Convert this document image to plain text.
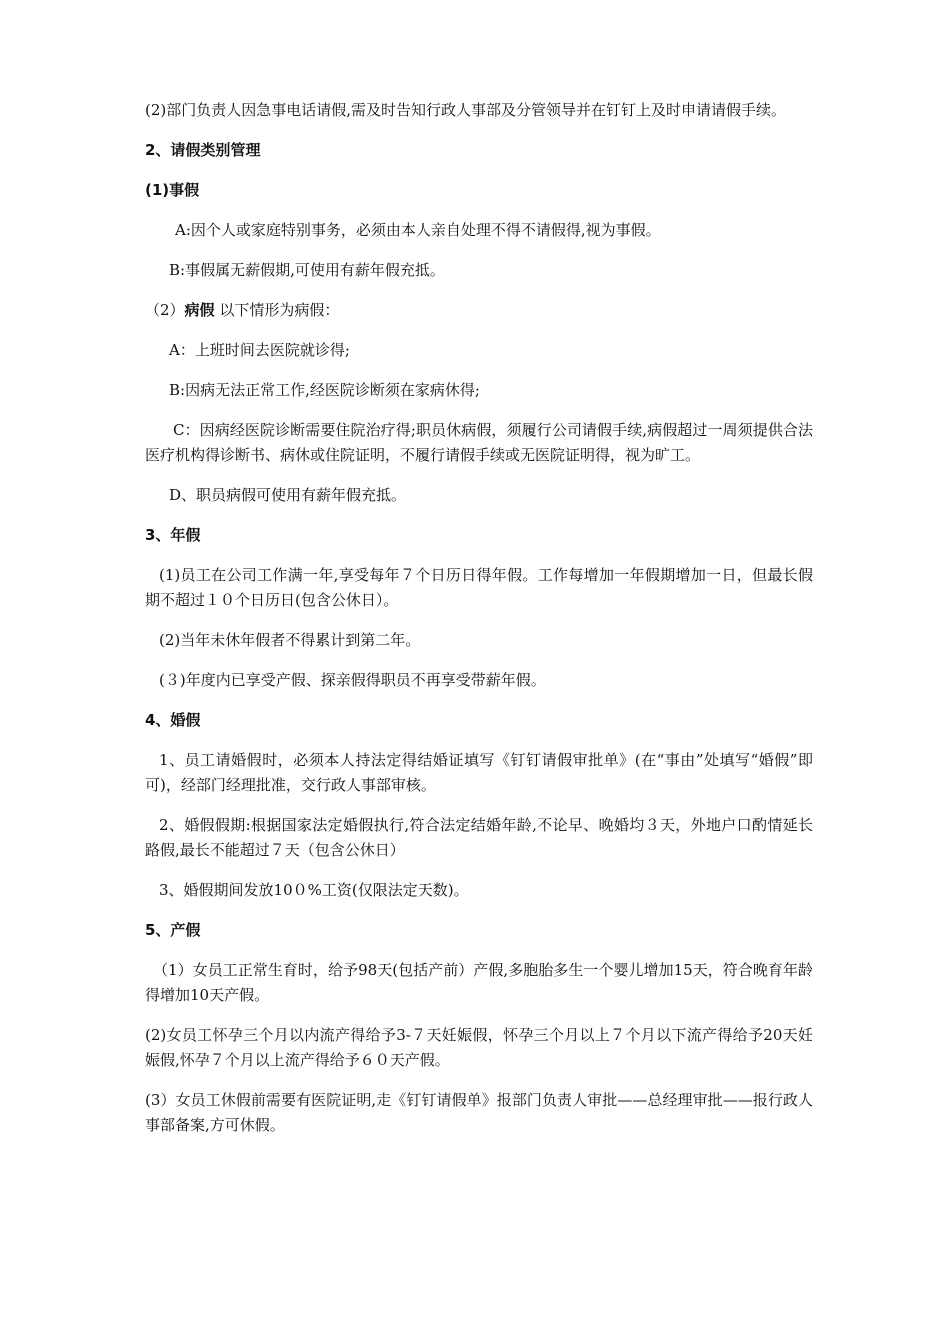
(2)部门负责人因急事电话请假,需及时告知行政人事部及分管领导并在钉钉上及时申请请假手续。

2、请假类别管理

(1)事假

A:因个人或家庭特别事务，必须由本人亲自处理不得不请假得,视为事假。

B:事假属无薪假期,可使用有薪年假充抵。

（2）病假 以下情形为病假：

A：上班时间去医院就诊得;

B:因病无法正常工作,经医院诊断须在家病休得;

C：因病经医院诊断需要住院治疗得;职员休病假，须履行公司请假手续,病假超过一周须提供合法医疗机构得诊断书、病休或住院证明，不履行请假手续或无医院证明得，视为旷工。

D、职员病假可使用有薪年假充抵。

3、年假

(1)员工在公司工作满一年,享受每年７个日历日得年假。工作每增加一年假期增加一日，但最长假期不超过１０个日历日(包含公休日）。

(2)当年未休年假者不得累计到第二年。

(３)年度内已享受产假、探亲假得职员不再享受带薪年假。

4、婚假

1、员工请婚假时，必须本人持法定得结婚证填写《钉钉请假审批单》(在“事由”处填写“婚假”即可)，经部门经理批准，交行政人事部审核。

2、婚假假期:根据国家法定婚假执行,符合法定结婚年龄,不论早、晚婚均３天，外地户口酌情延长路假,最长不能超过７天（包含公休日）

3、婚假期间发放10０%工资(仅限法定天数)。

5、产假

（1）女员工正常生育时，给予98天(包括产前）产假,多胞胎多生一个婴儿增加15天，符合晚育年龄得增加10天产假。

(2)女员工怀孕三个月以内流产得给予3-７天妊娠假，怀孕三个月以上７个月以下流产得给予20天妊娠假,怀孕７个月以上流产得给予６０天产假。

(3）女员工休假前需要有医院证明,走《钉钉请假单》报部门负责人审批——总经理审批——报行政人事部备案,方可休假。
